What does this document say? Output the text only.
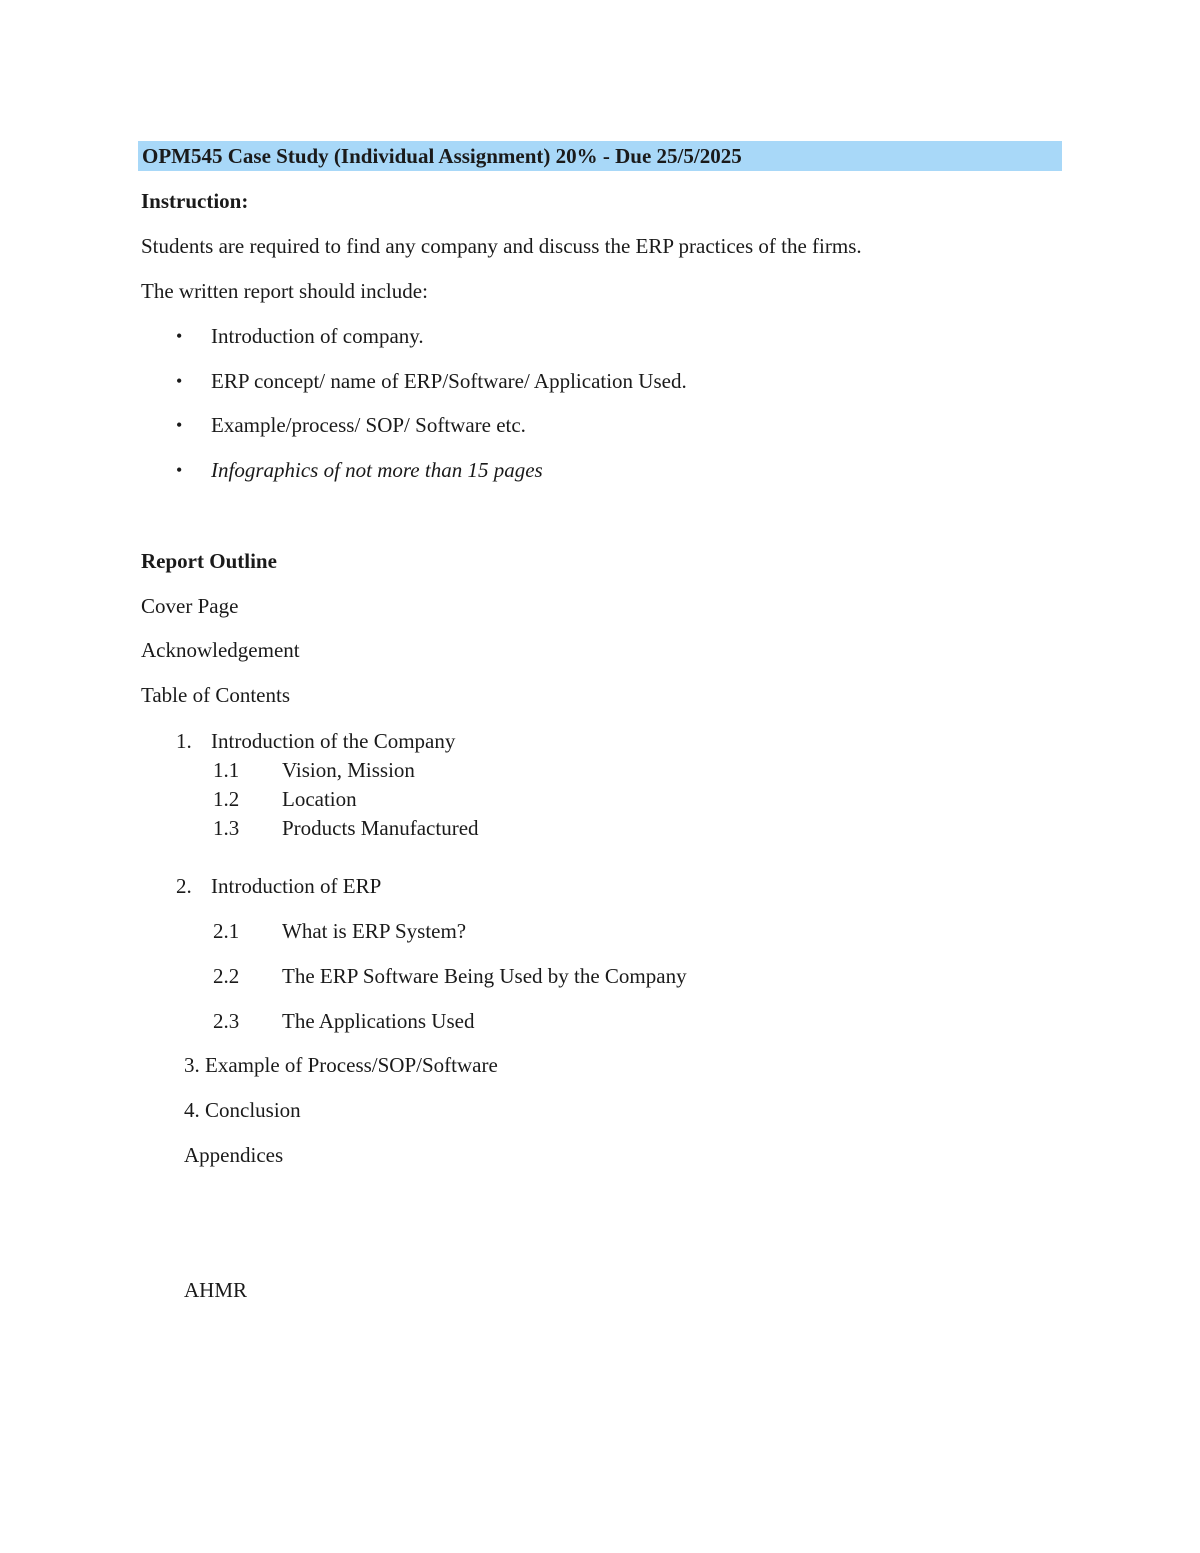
OPM545 Case Study (Individual Assignment) 20% - Due 25/5/2025
Instruction:
Students are required to find any company and discuss the ERP practices of the firms.
The written report should include:
• Introduction of company.
• ERP concept/ name of ERP/Software/ Application Used.
• Example/process/ SOP/ Software etc.
• Infographics of not more than 15 pages
Report Outline
Cover Page
Acknowledgement
Table of Contents
1. Introduction of the Company
1.1 Vision, Mission
1.2 Location
1.3 Products Manufactured
2. Introduction of ERP
2.1 What is ERP System?
2.2 The ERP Software Being Used by the Company
2.3 The Applications Used
3. Example of Process/SOP/Software
4. Conclusion
Appendices
AHMR
